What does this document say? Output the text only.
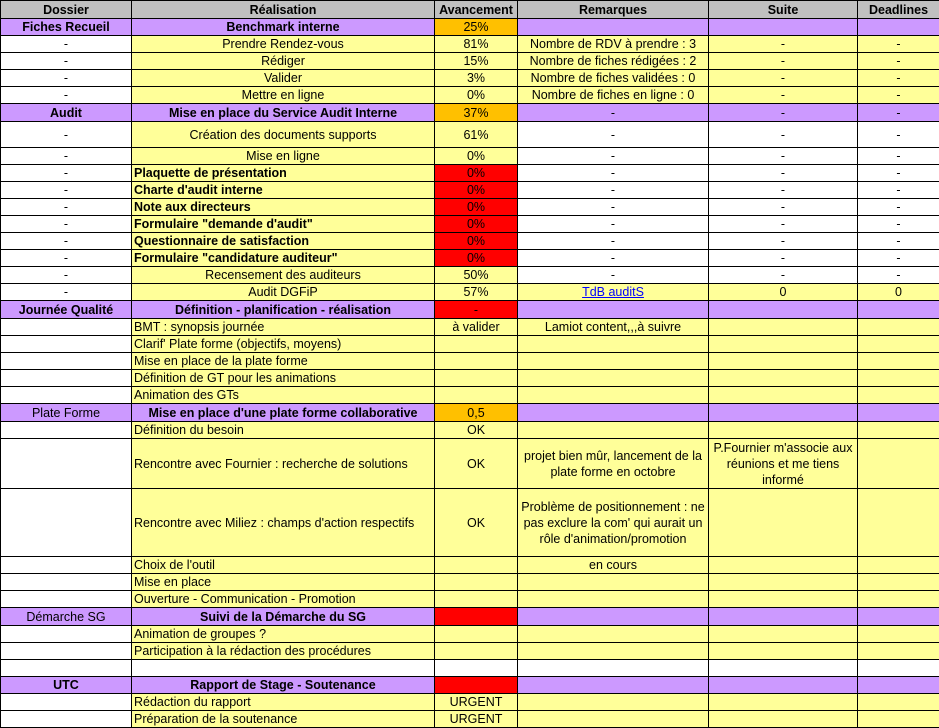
Dossier	Réalisation	Avancement	Remarques	Suite	Deadlines
Fiches Recueil	Benchmark interne	25%			
-	Prendre Rendez-vous	81%	Nombre de RDV à prendre : 3	-	-
-	Rédiger	15%	Nombre de fiches rédigées : 2	-	-
-	Valider	3%	Nombre de fiches validées : 0	-	-
-	Mettre en ligne	0%	Nombre de fiches en ligne : 0	-	-
Audit	Mise en place du Service Audit Interne	37%	-	-	-
-	Création des documents supports	61%	-	-	-
-	Mise en ligne	0%	-	-	-
-	Plaquette de présentation	0%	-	-	-
-	Charte d'audit interne	0%	-	-	-
-	Note aux directeurs	0%	-	-	-
-	Formulaire "demande d'audit"	0%	-	-	-
-	Questionnaire de satisfaction	0%	-	-	-
-	Formulaire "candidature auditeur"	0%	-	-	-
-	Recensement des auditeurs	50%	-	-	-
-	Audit DGFiP	57%	TdB auditS	0	0
Journée Qualité	Définition - planification - réalisation	-			
	BMT : synopsis journée	à valider	Lamiot content,,,à suivre		
	Clarif' Plate forme (objectifs, moyens)				
	Mise en place de la plate forme				
	Définition de GT pour les animations				
	Animation des GTs				
Plate Forme	Mise en place d'une plate forme collaborative	0,5			
	Définition du besoin	OK			
	Rencontre avec Fournier : recherche de solutions	OK	projet bien mûr, lancement de la plate forme en octobre	P.Fournier m'associe aux réunions et me tiens informé	
	Rencontre avec Miliez : champs d'action respectifs	OK	Problème de positionnement : ne pas exclure la com' qui aurait un rôle d'animation/promotion		
	Choix de l'outil		en cours		
	Mise en place				
	Ouverture - Communication - Promotion				
Démarche SG	Suivi de la Démarche du SG				
	Animation de groupes ?				
	Participation à la rédaction des procédures				

UTC	Rapport de Stage - Soutenance				
	Rédaction du rapport	URGENT			
	Préparation de la soutenance	URGENT			
